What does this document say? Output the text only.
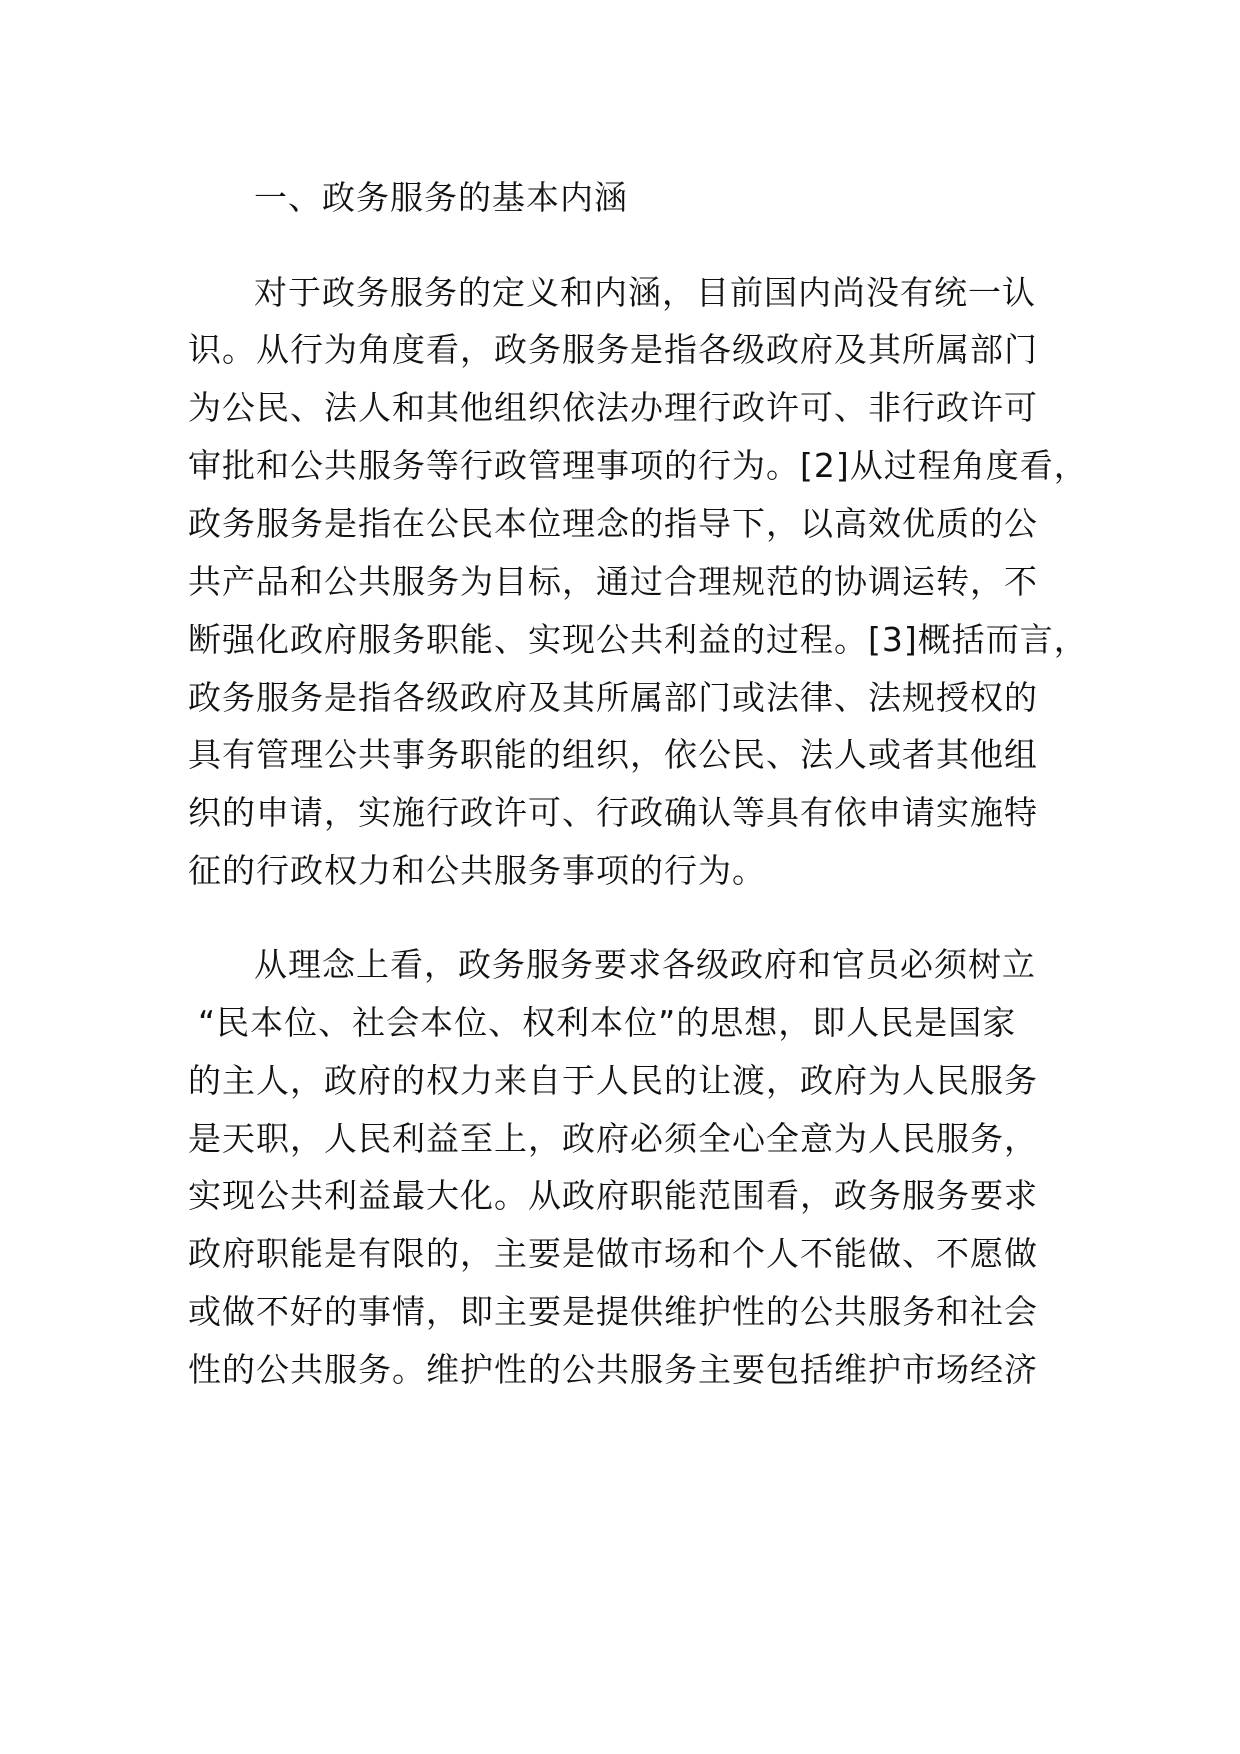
一、政务服务的基本内涵
对于政务服务的定义和内涵，目前国内尚没有统一认
识。从行为角度看，政务服务是指各级政府及其所属部门
为公民、法人和其他组织依法办理行政许可、非行政许可
审批和公共服务等行政管理事项的行为。[2]从过程角度看，
政务服务是指在公民本位理念的指导下，以高效优质的公
共产品和公共服务为目标，通过合理规范的协调运转，不
断强化政府服务职能、实现公共利益的过程。[3]概括而言，
政务服务是指各级政府及其所属部门或法律、法规授权的
具有管理公共事务职能的组织，依公民、法人或者其他组
织的申请，实施行政许可、行政确认等具有依申请实施特
征的行政权力和公共服务事项的行为。
从理念上看，政务服务要求各级政府和官员必须树立
“民本位、社会本位、权利本位”的思想，即人民是国家
的主人，政府的权力来自于人民的让渡，政府为人民服务
是天职，人民利益至上，政府必须全心全意为人民服务，
实现公共利益最大化。从政府职能范围看，政务服务要求
政府职能是有限的，主要是做市场和个人不能做、不愿做
或做不好的事情，即主要是提供维护性的公共服务和社会
性的公共服务。维护性的公共服务主要包括维护市场经济
